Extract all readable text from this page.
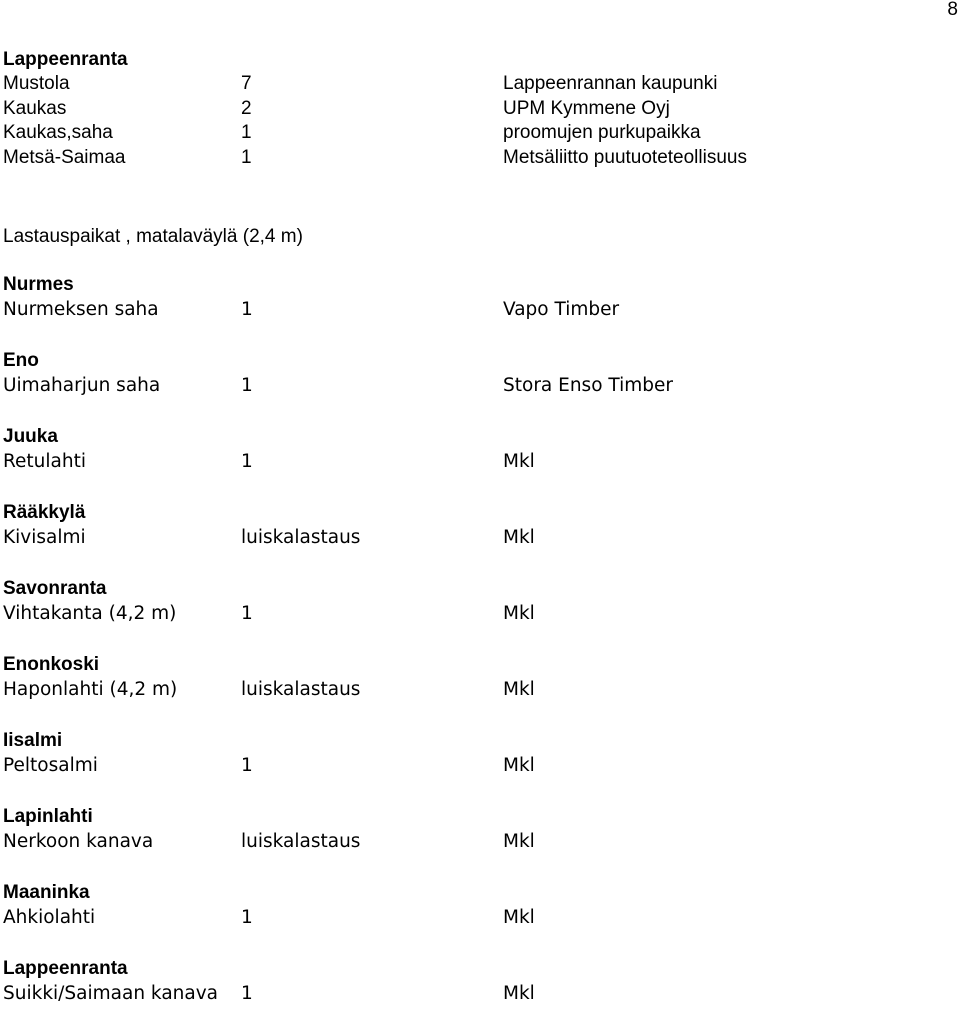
8
Lappeenranta
Mustola	7	Lappeenrannan kaupunki
Kaukas	2	UPM Kymmene Oyj
Kaukas,saha	1	proomujen purkupaikka
Metsä-Saimaa	1	Metsäliitto puutuoteteollisuus
Lastauspaikat , matalaväylä (2,4 m)
Nurmes
Nurmeksen saha	1	Vapo Timber
Eno
Uimaharjun saha	1	Stora Enso Timber
Juuka
Retulahti	1	Mkl
Rääkkylä
Kivisalmi	luiskalastaus	Mkl
Savonranta
Vihtakanta (4,2 m)	1	Mkl
Enonkoski
Haponlahti (4,2 m)	luiskalastaus	Mkl
Iisalmi
Peltosalmi	1	Mkl
Lapinlahti
Nerkoon kanava	luiskalastaus	Mkl
Maaninka
Ahkiolahti	1	Mkl
Lappeenranta
Suikki/Saimaan kanava 1	Mkl
